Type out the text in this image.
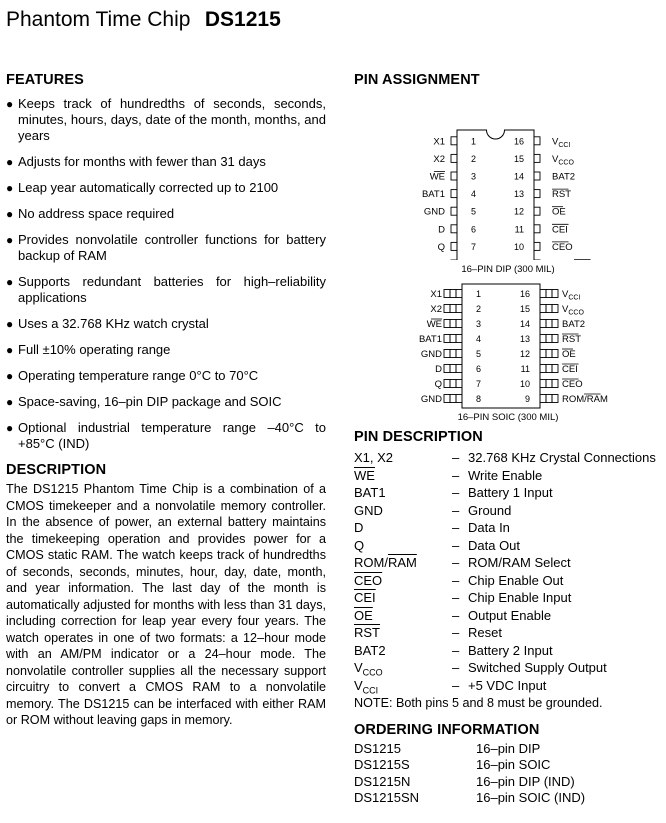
Phantom Time Chip DS1215
FEATURES
● Keeps track of hundredths of seconds, seconds, minutes, hours, days, date of the month, months, and years
● Adjusts for months with fewer than 31 days
● Leap year automatically corrected up to 2100
● No address space required
● Provides nonvolatile controller functions for battery backup of RAM
● Supports redundant batteries for high–reliability applications
● Uses a 32.768 KHz watch crystal
● Full ±10% operating range
● Operating temperature range 0°C to 70°C
● Space-saving, 16–pin DIP package and SOIC
● Optional industrial temperature range –40°C to +85°C (IND)
DESCRIPTION

The DS1215 Phantom Time Chip is a combination of a CMOS timekeeper and a nonvolatile memory controller. In the absence of power, an external battery maintains the timekeeping operation and provides power for a CMOS static RAM. The watch keeps track of hundredths of seconds, seconds, minutes, hour, day, date, month, and year information. The last day of the month is automatically adjusted for months with less than 31 days, including correction for leap year every four years. The watch operates in one of two formats: a 12–hour mode with an AM/PM indicator or a 24–hour mode. The nonvolatile controller supplies all the necessary support circuitry to convert a CMOS RAM to a nonvolatile memory. The DS1215 can be interfaced with either RAM or ROM without leaving gaps in memory.

PIN ASSIGNMENT
1	16
X1	$V_{CCI}$
2	15
X2	$V_{CCO}$
3	14
WE	BAT2
4	13
BAT1	RST
5	12
GND	OE
6	11
D	CEI
7	10
Q	CEO
16–PIN DIP (300 MIL)
1	16
X1	$V_{CCI}$
2	15
X2	$V_{CCO}$
3	14
WE	BAT2
4	13
BAT1	RST
5	12
GND	OE
6	11
D	CEI
7	10
Q	CEO
8	9
GND	ROM/RAM
16–PIN SOIC (300 MIL)
PIN DESCRIPTION
X1, X2	–	32.768 KHz Crystal Connections
$\overline{WE}$	–	Write Enable
BAT1	–	Battery 1 Input
GND	–	Ground
D	–	Data In
Q	–	Data Out
ROM/$\overline{RAM}$	–	ROM/RAM Select
$\overline{CEO}$	–	Chip Enable Out
$\overline{CEI}$	–	Chip Enable Input
$\overline{OE}$	–	Output Enable
$\overline{RST}$	–	Reset
BAT2	–	Battery 2 Input
$V_{CCO}$	–	Switched Supply Output
$V_{CCI}$	–	+5 VDC Input
NOTE: Both pins 5 and 8 must be grounded.
ORDERING INFORMATION
DS1215	16–pin DIP
DS1215S	16–pin SOIC
DS1215N	16–pin DIP (IND)
DS1215SN	16–pin SOIC (IND)
